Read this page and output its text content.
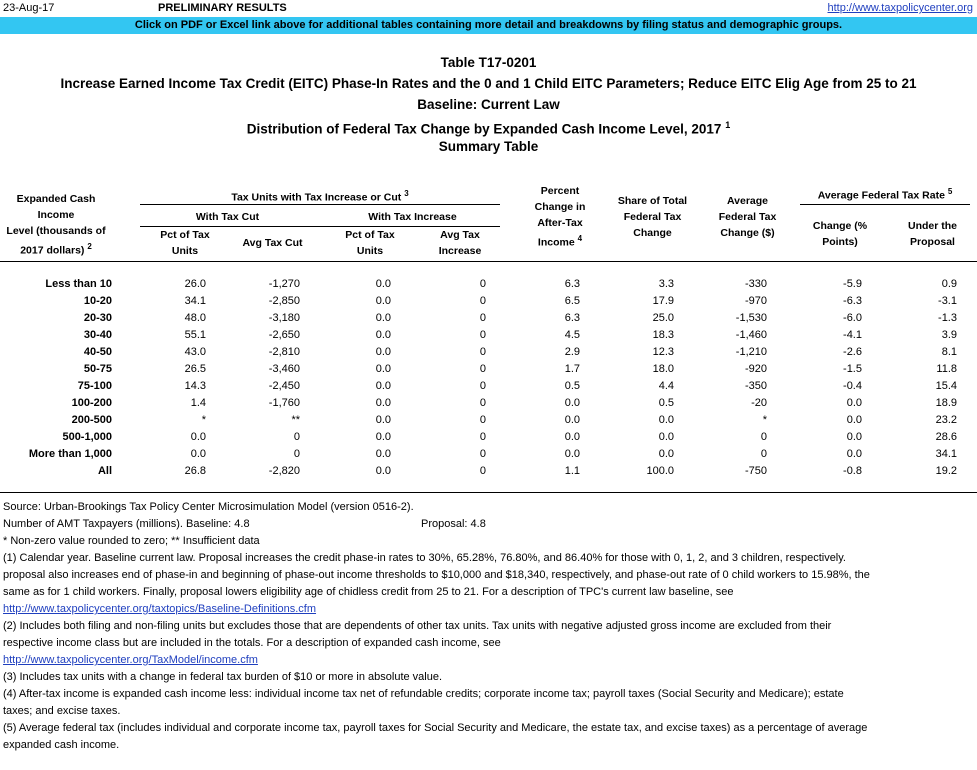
23-Aug-17	PRELIMINARY RESULTS	http://www.taxpolicycenter.org
Click on PDF or Excel link above for additional tables containing more detail and breakdowns by filing status and demographic groups.
Table T17-0201
Increase Earned Income Tax Credit (EITC) Phase-In Rates and the 0 and 1 Child EITC Parameters; Reduce EITC Elig Age from 25 to 21
Baseline: Current Law
Distribution of Federal Tax Change by Expanded Cash Income Level, 2017 $^1$
Summary Table
Expanded Cash Income
Level (thousands of
2017 dollars) $^2$
Tax Units with Tax Increase or Cut $^3$
With Tax Cut	With Tax Increase
Pct of Tax
Units
Avg Tax Cut
Pct of Tax
Units
Avg Tax
Increase
Percent
Change in
After-Tax
Income $^4$
Share of Total
Federal Tax
Change
Average
Federal Tax
Change ($)
Average Federal Tax Rate $^5$
Change (%
Points)
Under the
Proposal
Less than 10	26.0	-1,270	0.0	0	6.3	3.3	-330	-5.9	0.9
10-20	34.1	-2,850	0.0	0	6.5	17.9	-970	-6.3	-3.1
20-30	48.0	-3,180	0.0	0	6.3	25.0	-1,530	-6.0	-1.3
30-40	55.1	-2,650	0.0	0	4.5	18.3	-1,460	-4.1	3.9
40-50	43.0	-2,810	0.0	0	2.9	12.3	-1,210	-2.6	8.1
50-75	26.5	-3,460	0.0	0	1.7	18.0	-920	-1.5	11.8
75-100	14.3	-2,450	0.0	0	0.5	4.4	-350	-0.4	15.4
100-200	1.4	-1,760	0.0	0	0.0	0.5	-20	0.0	18.9
200-500	*	**	0.0	0	0.0	0.0	*	0.0	23.2
500-1,000	0.0	0	0.0	0	0.0	0.0	0	0.0	28.6
More than 1,000	0.0	0	0.0	0	0.0	0.0	0	0.0	34.1
All	26.8	-2,820	0.0	0	1.1	100.0	-750	-0.8	19.2
Source: Urban-Brookings Tax Policy Center Microsimulation Model (version 0516-2).
Number of AMT Taxpayers (millions). Baseline: 4.8	Proposal: 4.8
* Non-zero value rounded to zero; ** Insufficient data
(1) Calendar year. Baseline current law. Proposal increases the credit phase-in rates to 30%, 65.28%, 76.80%, and 86.40% for those with 0, 1, 2, and 3 children, respectively.
proposal also increases end of phase-in and beginning of phase-out income thresholds to $10,000 and $18,340, respectively, and phase-out rate of 0 child workers to 15.98%, the
same as for 1 child workers. Finally, proposal lowers eligibility age of chidless credit from 25 to 21. For a description of TPC's current law baseline, see
http://www.taxpolicycenter.org/taxtopics/Baseline-Definitions.cfm
(2) Includes both filing and non-filing units but excludes those that are dependents of other tax units. Tax units with negative adjusted gross income are excluded from their
respective income class but are included in the totals. For a description of expanded cash income, see
http://www.taxpolicycenter.org/TaxModel/income.cfm
(3) Includes tax units with a change in federal tax burden of $10 or more in absolute value.
(4) After-tax income is expanded cash income less: individual income tax net of refundable credits; corporate income tax; payroll taxes (Social Security and Medicare); estate
taxes; and excise taxes.
(5) Average federal tax (includes individual and corporate income tax, payroll taxes for Social Security and Medicare, the estate tax, and excise taxes) as a percentage of average
expanded cash income.
